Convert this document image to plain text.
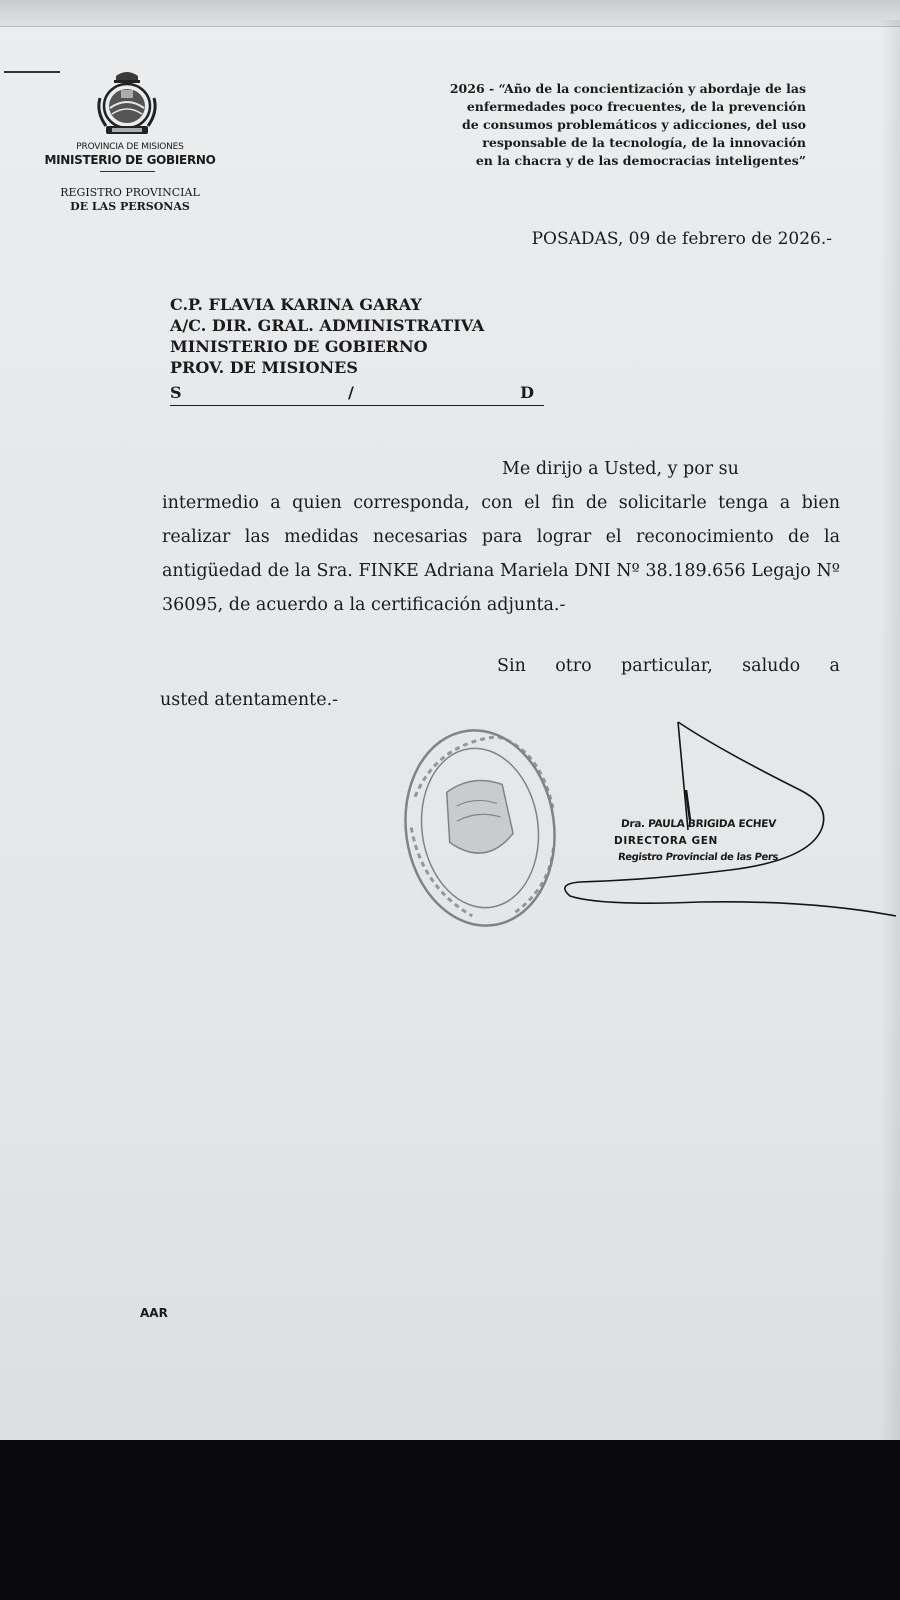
PROVINCIA DE MISIONES
MINISTERIO DE GOBIERNO
REGISTRO PROVINCIAL
DE LAS PERSONAS
2026 - “Año de la concientización y abordaje de las
enfermedades poco frecuentes, de la prevención
de consumos problemáticos y adicciones, del uso
responsable de la tecnología, de la innovación
en la chacra y de las democracias inteligentes”
POSADAS, 09 de febrero de 2026.-
C.P. FLAVIA KARINA GARAY
A/C. DIR. GRAL. ADMINISTRATIVA
MINISTERIO DE GOBIERNO
PROV. DE MISIONES
S	/	D
Me dirijo a Usted, y por su
intermedio a quien corresponda, con el fin de solicitarle tenga a bien realizar las medidas necesarias para lograr el reconocimiento de la antigüedad de la Sra. FINKE Adriana Mariela DNI Nº 38.189.656 Legajo Nº 36095, de acuerdo a la certificación adjunta.-
Sin otro particular, saludo a
usted atentamente.-
Dra. PAULA BRIGIDA ECHEV
DIRECTORA GEN
Registro Provincial de las Pers
AAR
